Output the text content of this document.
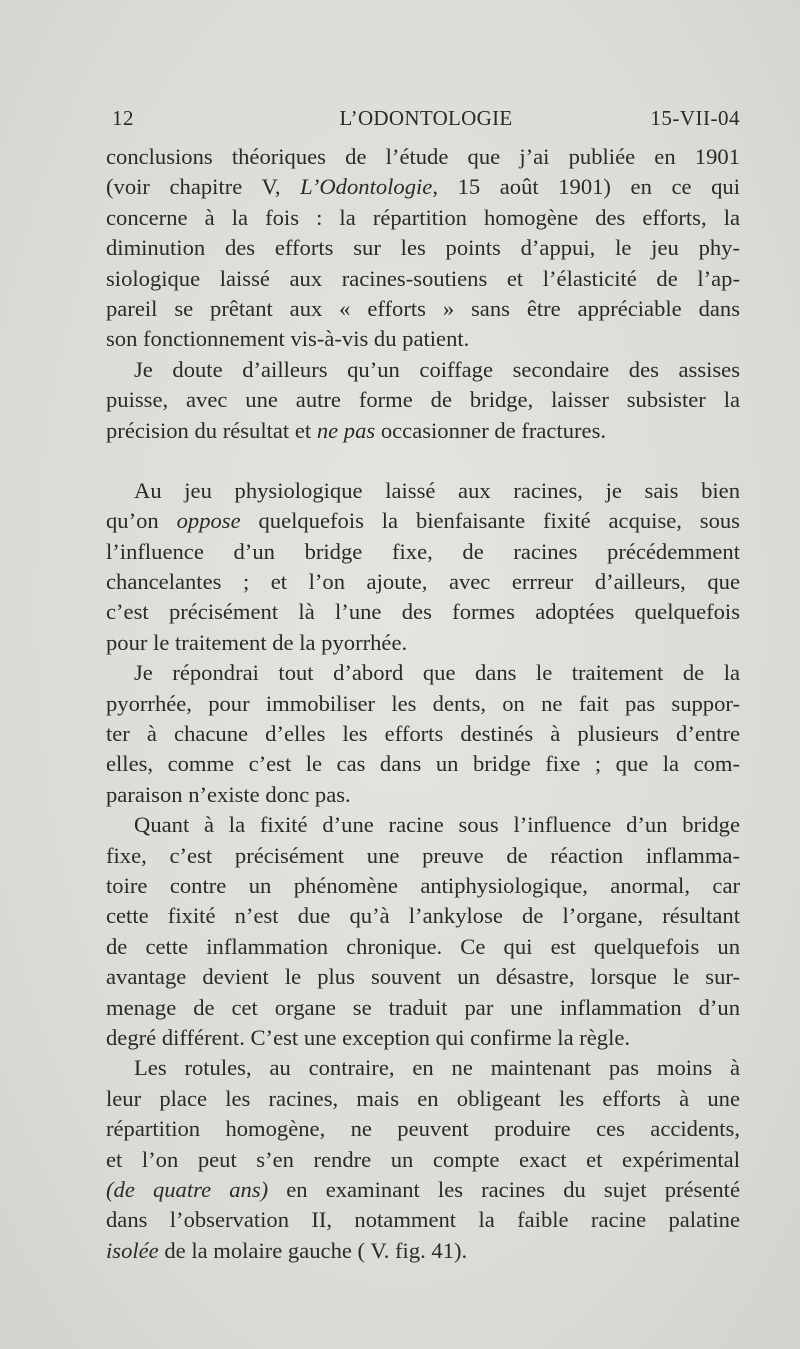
12	L’ODONTOLOGIE	15-VII-04
conclusions théoriques de l’étude que j’ai publiée en 1901
(voir chapitre V, L’Odontologie, 15 août 1901) en ce qui
concerne à la fois : la répartition homogène des efforts, la
diminution des efforts sur les points d’appui, le jeu phy-
siologique laissé aux racines-soutiens et l’élasticité de l’ap-
pareil se prêtant aux « efforts » sans être appréciable dans
son fonctionnement vis-à-vis du patient.
Je doute d’ailleurs qu’un coiffage secondaire des assises
puisse, avec une autre forme de bridge, laisser subsister la
précision du résultat et ne pas occasionner de fractures.
Au jeu physiologique laissé aux racines, je sais bien
qu’on oppose quelquefois la bienfaisante fixité acquise, sous
l’influence d’un bridge fixe, de racines précédemment
chancelantes ; et l’on ajoute, avec errreur d’ailleurs, que
c’est précisément là l’une des formes adoptées quelquefois
pour le traitement de la pyorrhée.
Je répondrai tout d’abord que dans le traitement de la
pyorrhée, pour immobiliser les dents, on ne fait pas suppor-
ter à chacune d’elles les efforts destinés à plusieurs d’entre
elles, comme c’est le cas dans un bridge fixe ; que la com-
paraison n’existe donc pas.
Quant à la fixité d’une racine sous l’influence d’un bridge
fixe, c’est précisément une preuve de réaction inflamma-
toire contre un phénomène antiphysiologique, anormal, car
cette fixité n’est due qu’à l’ankylose de l’organe, résultant
de cette inflammation chronique. Ce qui est quelquefois un
avantage devient le plus souvent un désastre, lorsque le sur-
menage de cet organe se traduit par une inflammation d’un
degré différent. C’est une exception qui confirme la règle.
Les rotules, au contraire, en ne maintenant pas moins à
leur place les racines, mais en obligeant les efforts à une
répartition homogène, ne peuvent produire ces accidents,
et l’on peut s’en rendre un compte exact et expérimental
(de quatre ans) en examinant les racines du sujet présenté
dans l’observation II, notamment la faible racine palatine
isolée de la molaire gauche ( V. fig. 41).
